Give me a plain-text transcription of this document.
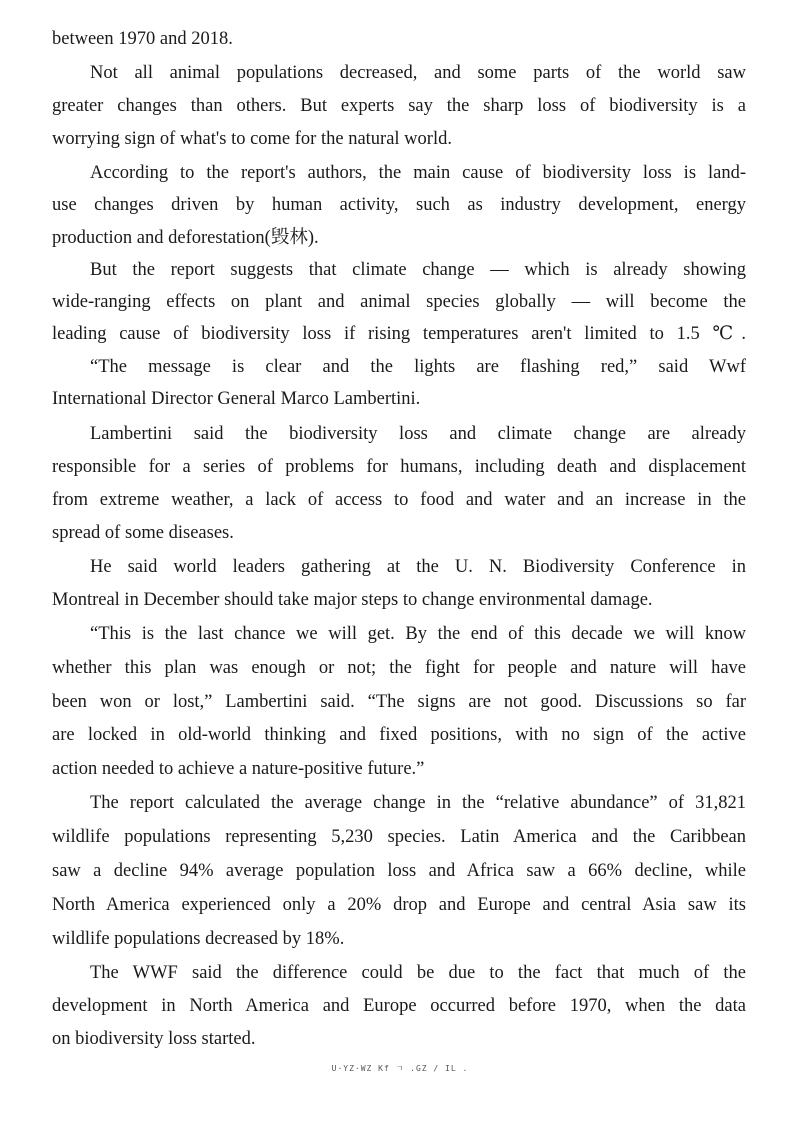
between 1970 and 2018.

Not all animal populations decreased, and some parts of the world saw

greater changes than others. But experts say the sharp loss of biodiversity is a

worrying sign of what's to come for the natural world.

According to the report's authors, the main cause of biodiversity loss is land-

use changes driven by human activity, such as industry development, energy

production and deforestation(毁林).

But the report suggests that climate change — which is already showing

wide-ranging effects on plant and animal species globally — will become the

leading cause of biodiversity loss if rising temperatures aren't limited to 1.5 ℃.

“The message is clear and the lights are flashing red,” said Wwf

International Director General Marco Lambertini.

Lambertini said the biodiversity loss and climate change are already

responsible for a series of problems for humans, including death and displacement

from extreme weather, a lack of access to food and water and an increase in the

spread of some diseases.

He said world leaders gathering at the U. N. Biodiversity Conference in

Montreal in December should take major steps to change environmental damage.

“This is the last chance we will get. By the end of this decade we will know

whether this plan was enough or not; the fight for people and nature will have

been won or lost,” Lambertini said. “The signs are not good. Discussions so far

are locked in old-world thinking and fixed positions, with no sign of the active

action needed to achieve a nature-positive future.”

The report calculated the average change in the “relative abundance” of 31,821

wildlife populations representing 5,230 species. Latin America and the Caribbean

saw a decline 94% average population loss and Africa saw a 66% decline, while

North America experienced only a 20% drop and Europe and central Asia saw its

wildlife populations decreased by 18%.

The WWF said the difference could be due to the fact that much of the

development in North America and Europe occurred before 1970, when the data

on biodiversity loss started.

U·YZ·WZ Kf ㄱ .GZ / IL .
